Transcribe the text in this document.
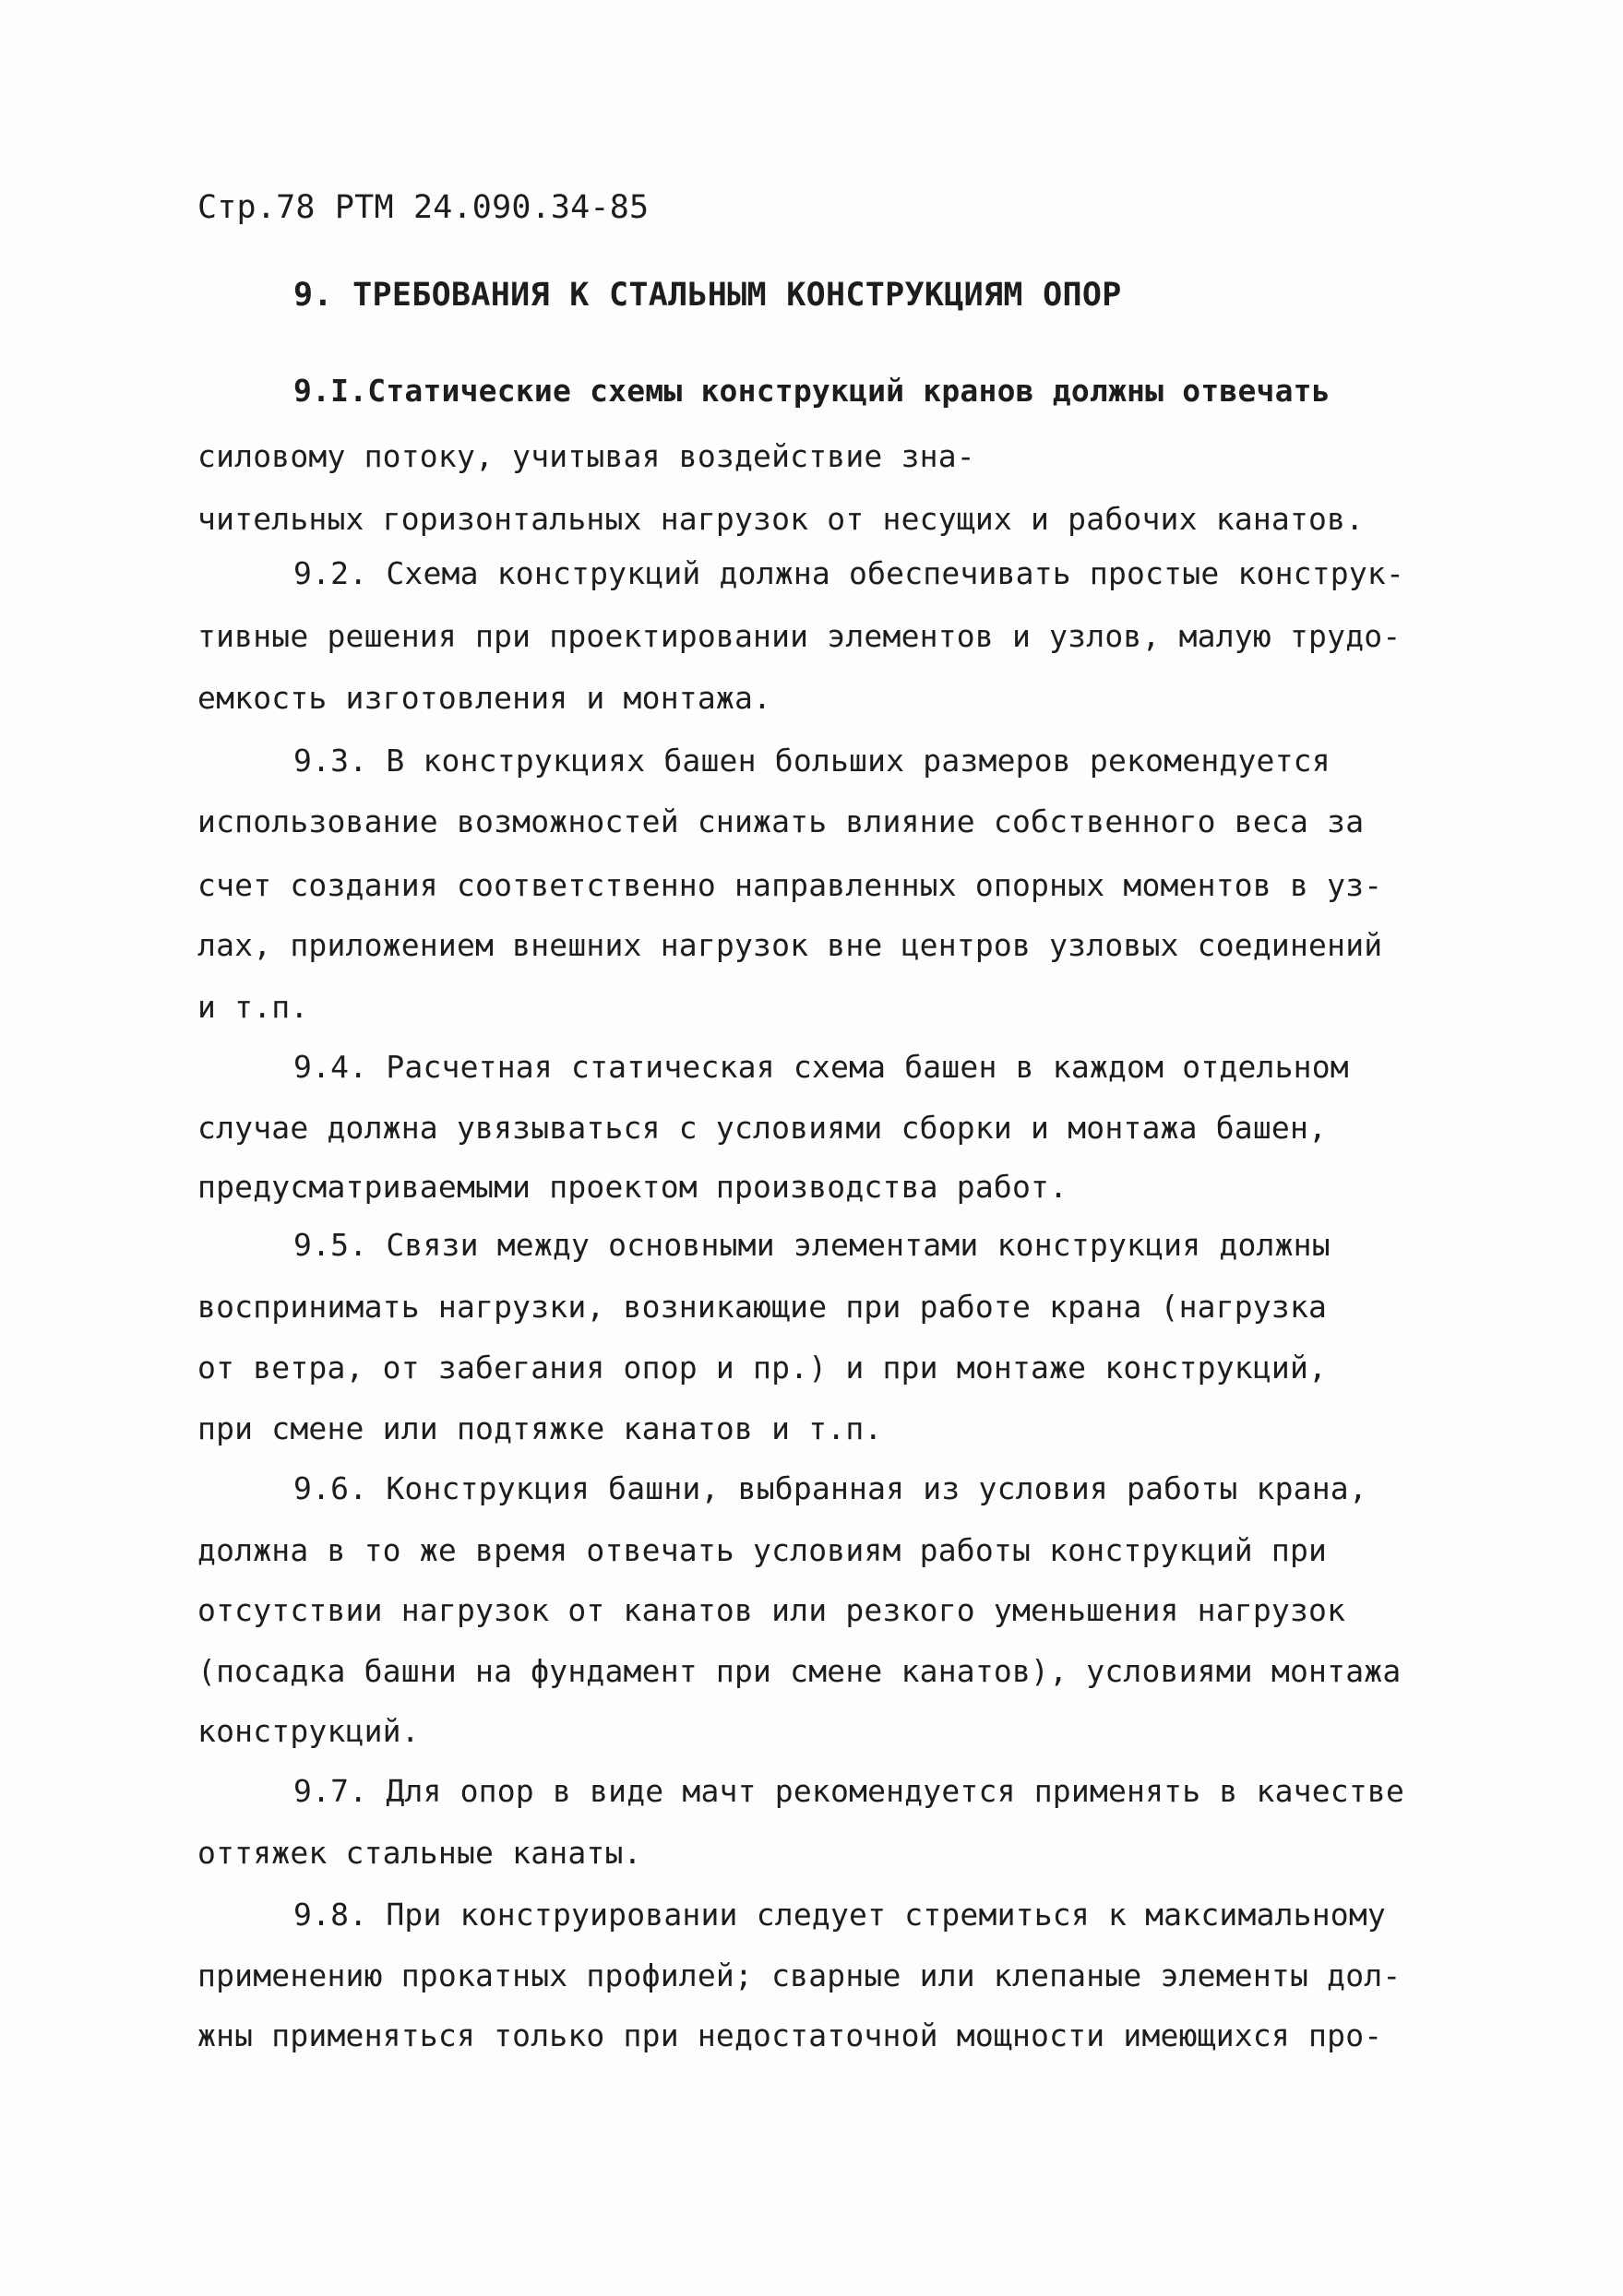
Стр.78 РТМ 24.090.34-85
9. ТРЕБОВАНИЯ К СТАЛЬНЫМ КОНСТРУКЦИЯМ ОПОР
9.I.Статические схемы конструкций кранов должны отвечать
силовому потоку, учитывая воздействие зна-
чительных горизонтальных нагрузок от несущих и рабочих канатов.
9.2. Схема конструкций должна обеспечивать простые конструк-
тивные решения при проектировании элементов и узлов, малую трудо-
емкость изготовления и монтажа.
9.3. В конструкциях башен больших размеров рекомендуется
использование возможностей снижать влияние собственного веса за
счет создания соответственно направленных опорных моментов в уз-
лах, приложением внешних нагрузок вне центров узловых соединений
и т.п.
9.4. Расчетная статическая схема башен в каждом отдельном
случае должна увязываться с условиями сборки и монтажа башен,
предусматриваемыми проектом производства работ.
9.5. Связи между основными элементами конструкция должны
воспринимать нагрузки, возникающие при работе крана (нагрузка
от ветра, от забегания опор и пр.) и при монтаже конструкций,
при смене или подтяжке канатов и т.п.
9.6. Конструкция башни, выбранная из условия работы крана,
должна в то же время отвечать условиям работы конструкций при
отсутствии нагрузок от канатов или резкого уменьшения нагрузок
(посадка башни на фундамент при смене канатов), условиями монтажа
конструкций.
9.7. Для опор в виде мачт рекомендуется применять в качестве
оттяжек стальные канаты.
9.8. При конструировании следует стремиться к максимальному
применению прокатных профилей; сварные или клепаные элементы дол-
жны применяться только при недостаточной мощности имеющихся про-
